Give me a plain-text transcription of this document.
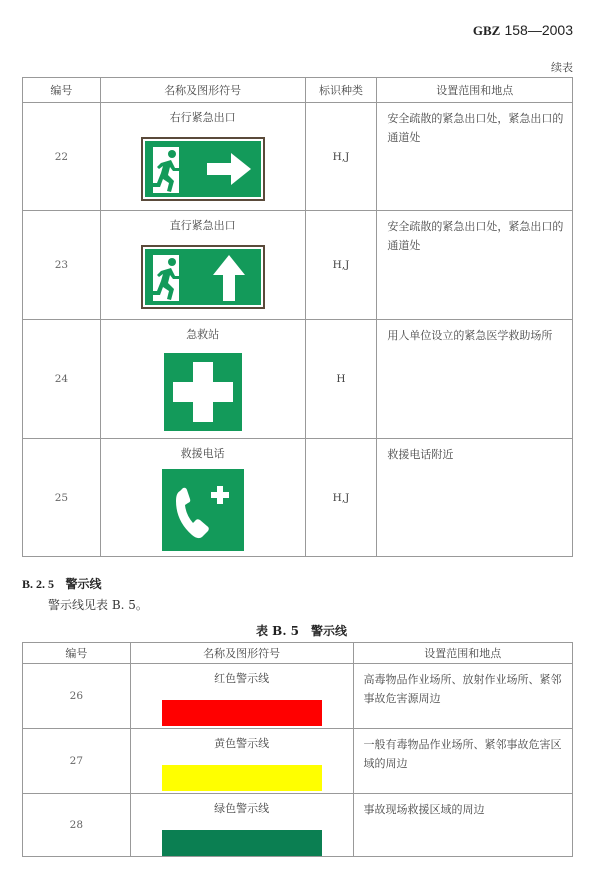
GBZ 158—2003
续表
编号	名称及图形符号	标识种类	设置范围和地点
22	右行紧急出口	H,J	安全疏散的紧急出口处，紧急出口的通道处
23	直行紧急出口	H,J	安全疏散的紧急出口处，紧急出口的通道处
24	急救站	H	用人单位设立的紧急医学救助场所
25	救援电话	H,J	救援电话附近
B. 2. 5 警示线
警示线见表 B. 5。
表 B. 5　警示线
编号	名称及图形符号	设置范围和地点
26	红色警示线	高毒物品作业场所、放射作业场所、紧邻事故危害源周边
27	黄色警示线	一般有毒物品作业场所、紧邻事故危害区域的周边
28	绿色警示线	事故现场救援区域的周边
